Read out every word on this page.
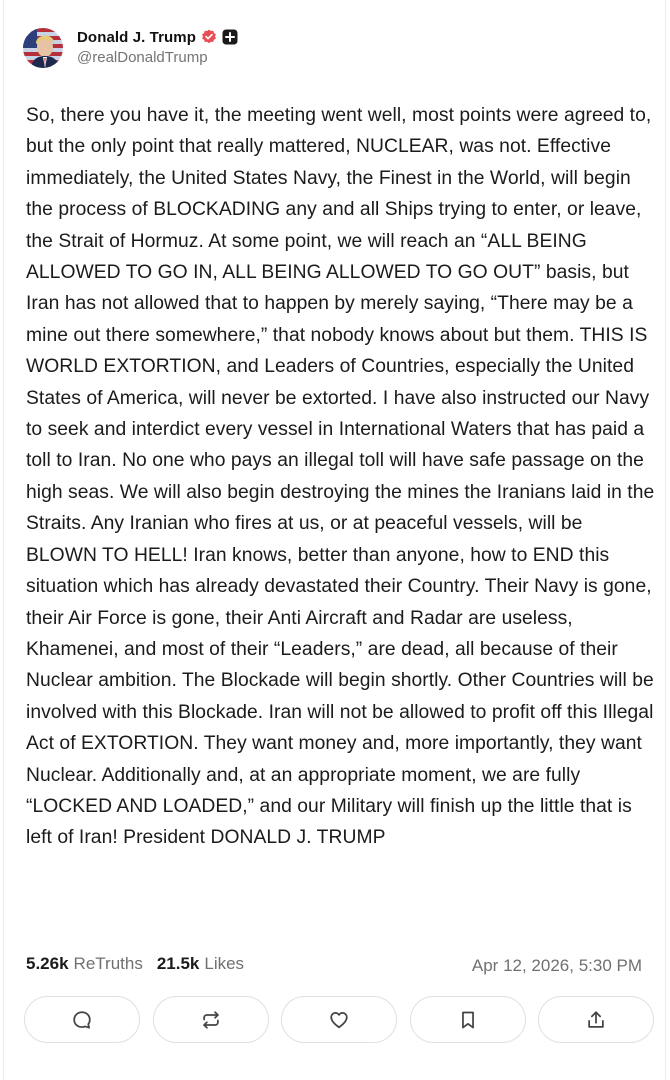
Donald J. Trump
@realDonaldTrump
So, there you have it, the meeting went well, most points were agreed to, but the only point that really mattered, NUCLEAR, was not. Effective immediately, the United States Navy, the Finest in the World, will begin the process of BLOCKADING any and all Ships trying to enter, or leave, the Strait of Hormuz. At some point, we will reach an “ALL BEING ALLOWED TO GO IN, ALL BEING ALLOWED TO GO OUT” basis, but Iran has not allowed that to happen by merely saying, “There may be a mine out there somewhere,” that nobody knows about but them. THIS IS WORLD EXTORTION, and Leaders of Countries, especially the United States of America, will never be extorted. I have also instructed our Navy to seek and interdict every vessel in International Waters that has paid a toll to Iran. No one who pays an illegal toll will have safe passage on the high seas. We will also begin destroying the mines the Iranians laid in the Straits. Any Iranian who fires at us, or at peaceful vessels, will be BLOWN TO HELL! Iran knows, better than anyone, how to END this situation which has already devastated their Country. Their Navy is gone, their Air Force is gone, their Anti Aircraft and Radar are useless, Khamenei, and most of their “Leaders,” are dead, all because of their Nuclear ambition. The Blockade will begin shortly. Other Countries will be involved with this Blockade. Iran will not be allowed to profit off this Illegal Act of EXTORTION. They want money and, more importantly, they want Nuclear. Additionally and, at an appropriate moment, we are fully “LOCKED AND LOADED,” and our Military will finish up the little that is left of Iran! President DONALD J. TRUMP
5.26k ReTruths 21.5k Likes	Apr 12, 2026, 5:30 PM
